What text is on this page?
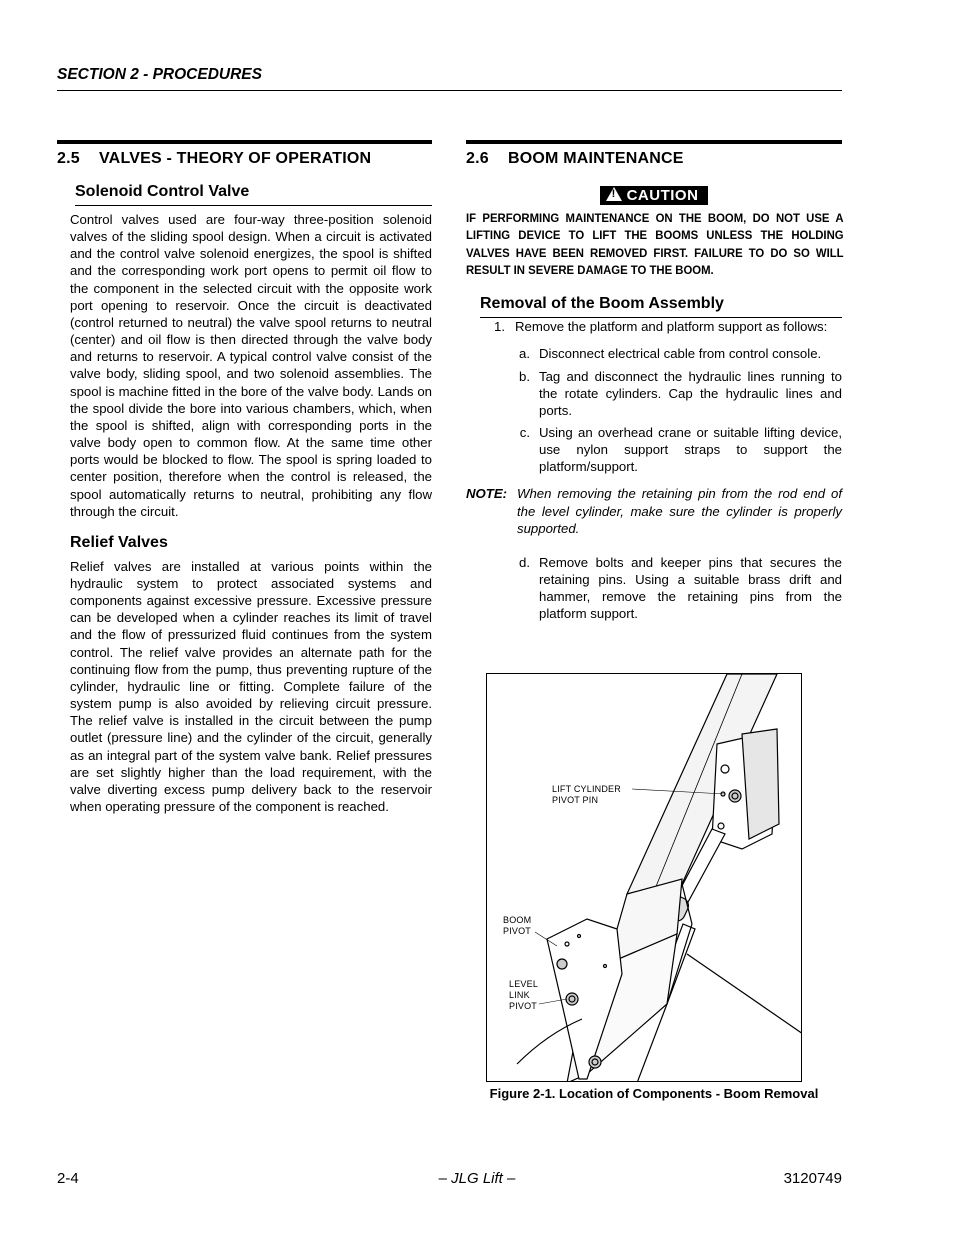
SECTION 2 - PROCEDURES
2.5 VALVES - THEORY OF OPERATION
Solenoid Control Valve

Control valves used are four-way three-position solenoid valves of the sliding spool design. When a circuit is activated and the control valve solenoid energizes, the spool is shifted and the corresponding work port opens to permit oil flow to the component in the selected circuit with the opposite work port opening to reservoir. Once the circuit is deactivated (control returned to neutral) the valve spool returns to neutral (center) and oil flow is then directed through the valve body and returns to reservoir. A typical control valve consist of the valve body, sliding spool, and two solenoid assemblies. The spool is machine fitted in the bore of the valve body. Lands on the spool divide the bore into various chambers, which, when the spool is shifted, align with corresponding ports in the valve body open to common flow. At the same time other ports would be blocked to flow. The spool is spring loaded to center position, therefore when the control is released, the spool automatically returns to neutral, prohibiting any flow through the circuit.

Relief Valves

Relief valves are installed at various points within the hydraulic system to protect associated systems and components against excessive pressure. Excessive pressure can be developed when a cylinder reaches its limit of travel and the flow of pressurized fluid continues from the system control. The relief valve provides an alternate path for the continuing flow from the pump, thus preventing rupture of the cylinder, hydraulic line or fitting. Complete failure of the system pump is also avoided by relieving circuit pressure. The relief valve is installed in the circuit between the pump outlet (pressure line) and the cylinder of the circuit, generally as an integral part of the system valve bank. Relief pressures are set slightly higher than the load requirement, with the valve diverting excess pump delivery back to the reservoir when operating pressure of the component is reached.

2.6 BOOM MAINTENANCE
!CAUTION

IF PERFORMING MAINTENANCE ON THE BOOM, DO NOT USE A LIFTING DEVICE TO LIFT THE BOOMS UNLESS THE HOLDING VALVES HAVE BEEN REMOVED FIRST. FAILURE TO DO SO WILL RESULT IN SEVERE DAMAGE TO THE BOOM.

Removal of the Boom Assembly
1. Remove the platform and platform support as follows:
a. Disconnect electrical cable from control console.
b. Tag and disconnect the hydraulic lines running to the rotate cylinders. Cap the hydraulic lines and ports.
c. Using an overhead crane or suitable lifting device, use nylon support straps to support the platform/support.
NOTE: When removing the retaining pin from the rod end of the level cylinder, make sure the cylinder is properly supported.
d. Remove bolts and keeper pins that secures the retaining pins. Using a suitable brass drift and hammer, remove the retaining pins from the platform support.
LIFT CYLINDER
PIVOT PIN
BOOM
PIVOT
LEVEL
LINK
PIVOT
Figure 2-1. Location of Components - Boom Removal
2-4	– JLG Lift –	3120749
